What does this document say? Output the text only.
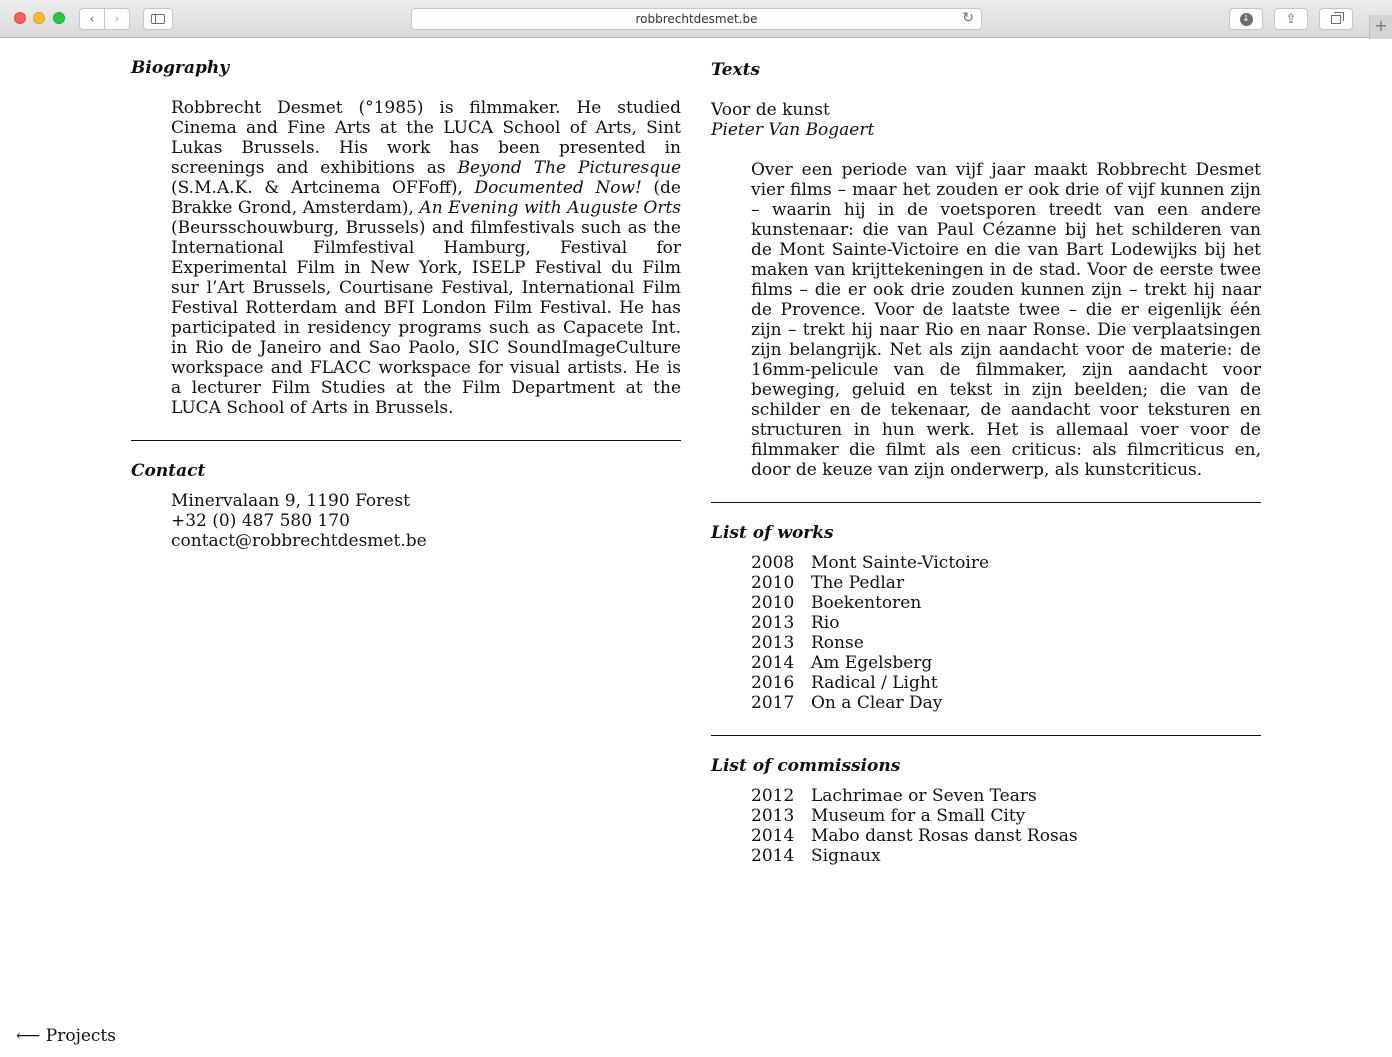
‹ ›	robbrechtdesmet.be	↻	↓	⇪	+
Biography

Robbrecht Desmet (°1985) is filmmaker. He studied Cinema and Fine Arts at the LUCA School of Arts, Sint Lukas Brussels. His work has been presented in screenings and exhibitions as Beyond The Picturesque (S.M.A.K. & Artcinema OFFoff), Documented Now! (de Brakke Grond, Amsterdam), An Evening with Auguste Orts (Beursschouwburg, Brussels) and filmfestivals such as the International Filmfestival Hamburg, Festival for Experimental Film in New York, ISELP Festival du Film sur l’Art Brussels, Courtisane Festival, International Film Festival Rotterdam and BFI London Film Festival. He has participated in residency programs such as Capacete Int. in Rio de Janeiro and Sao Paolo, SIC SoundImageCulture workspace and FLACC workspace for visual artists. He is a lecturer Film Studies at the Film Department at the LUCA School of Arts in Brussels.

Contact
Minervalaan 9, 1190 Forest
+32 (0) 487 580 170
contact@robbrechtdesmet.be
Texts
Voor de kunst
Pieter Van Bogaert

Over een periode van vijf jaar maakt Robbrecht Desmet vier films – maar het zouden er ook drie of vijf kunnen zijn – waarin hij in de voetsporen treedt van een andere kunstenaar: die van Paul Cézanne bij het schilderen van de Mont Sainte-Victoire en die van Bart Lodewijks bij het maken van krijttekeningen in de stad. Voor de eerste twee films – die er ook drie zouden kunnen zijn – trekt hij naar de Provence. Voor de laatste twee – die er eigenlijk één zijn – trekt hij naar Rio en naar Ronse. Die verplaatsingen zijn belangrijk. Net als zijn aandacht voor de materie: de 16mm-pelicule van de filmmaker, zijn aandacht voor beweging, geluid en tekst in zijn beelden; die van de schilder en de tekenaar, de aandacht voor teksturen en structuren in hun werk. Het is allemaal voer voor de filmmaker die filmt als een criticus: als filmcriticus en, door de keuze van zijn onderwerp, als kunstcriticus.

List of works
2008 Mont Sainte-Victoire
2010 The Pedlar
2010 Boekentoren
2013 Rio
2013 Ronse
2014 Am Egelsberg
2016 Radical / Light
2017 On a Clear Day
List of commissions
2012 Lachrimae or Seven Tears
2013 Museum for a Small City
2014 Mabo danst Rosas danst Rosas
2014 Signaux
⟵ Projects
